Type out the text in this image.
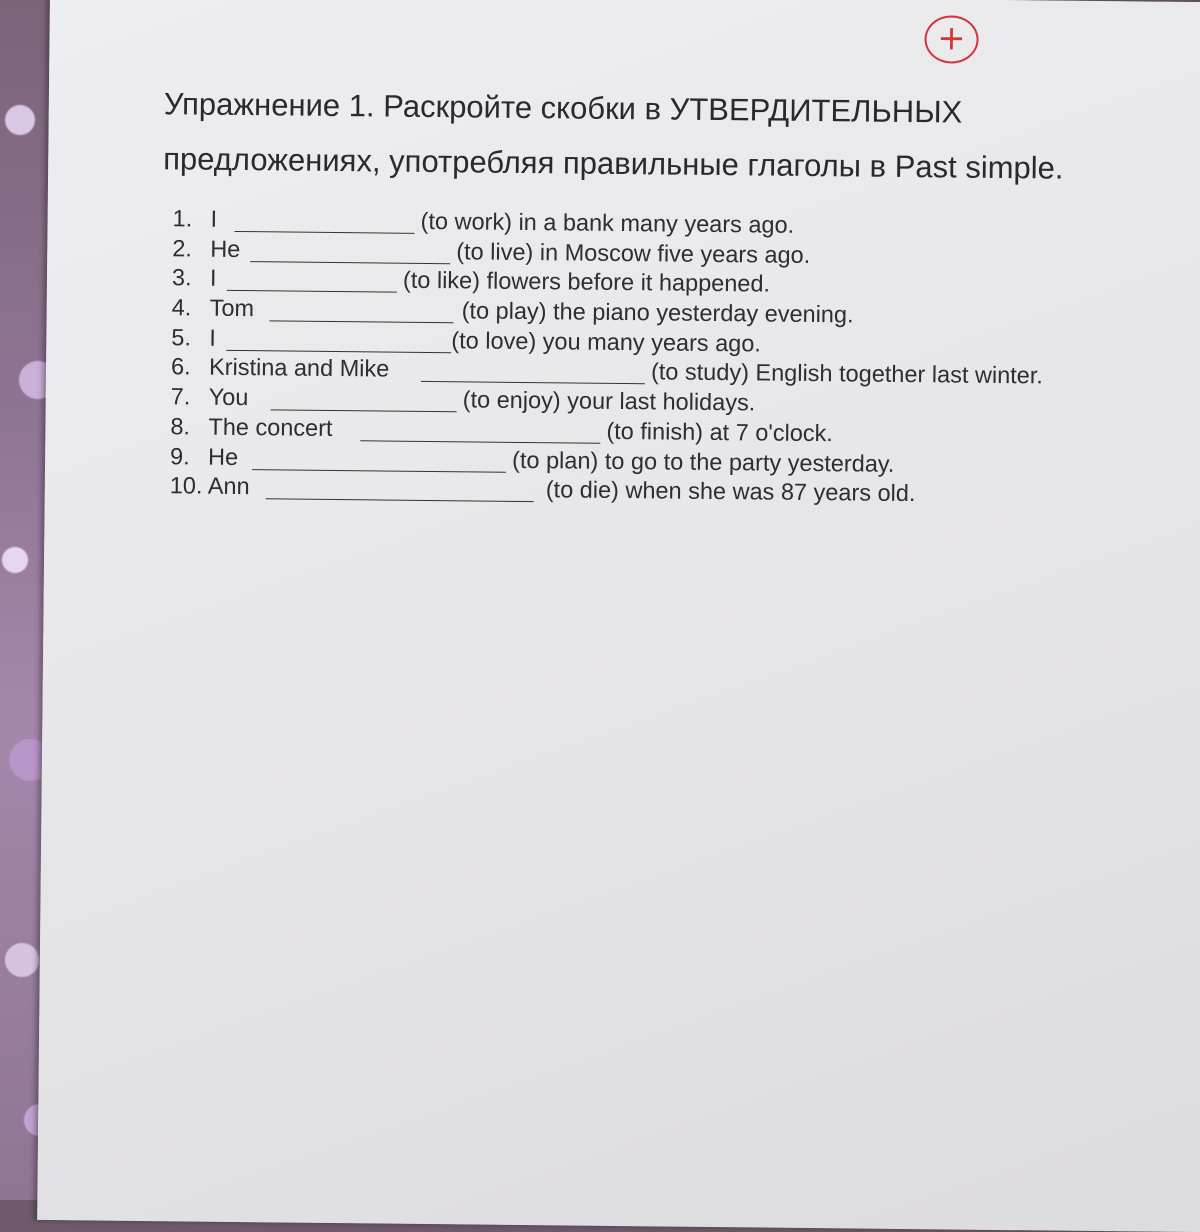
+
Упражнение 1. Раскройте скобки в УТВЕРДИТЕЛЬНЫХ
предложениях, употребляя правильные глаголы в Past simple.
1. I	(to work) in a bank many years ago.
2. He	(to live) in Moscow five years ago.
3. I	(to like) flowers before it happened.
4. Tom	(to play) the piano yesterday evening.
5. I	(to love) you many years ago.
6. Kristina and Mike	(to study) English together last winter.
7. You	(to enjoy) your last holidays.
8. The concert	(to finish) at 7 o'clock.
9. He	(to plan) to go to the party yesterday.
10. Ann	(to die) when she was 87 years old.
